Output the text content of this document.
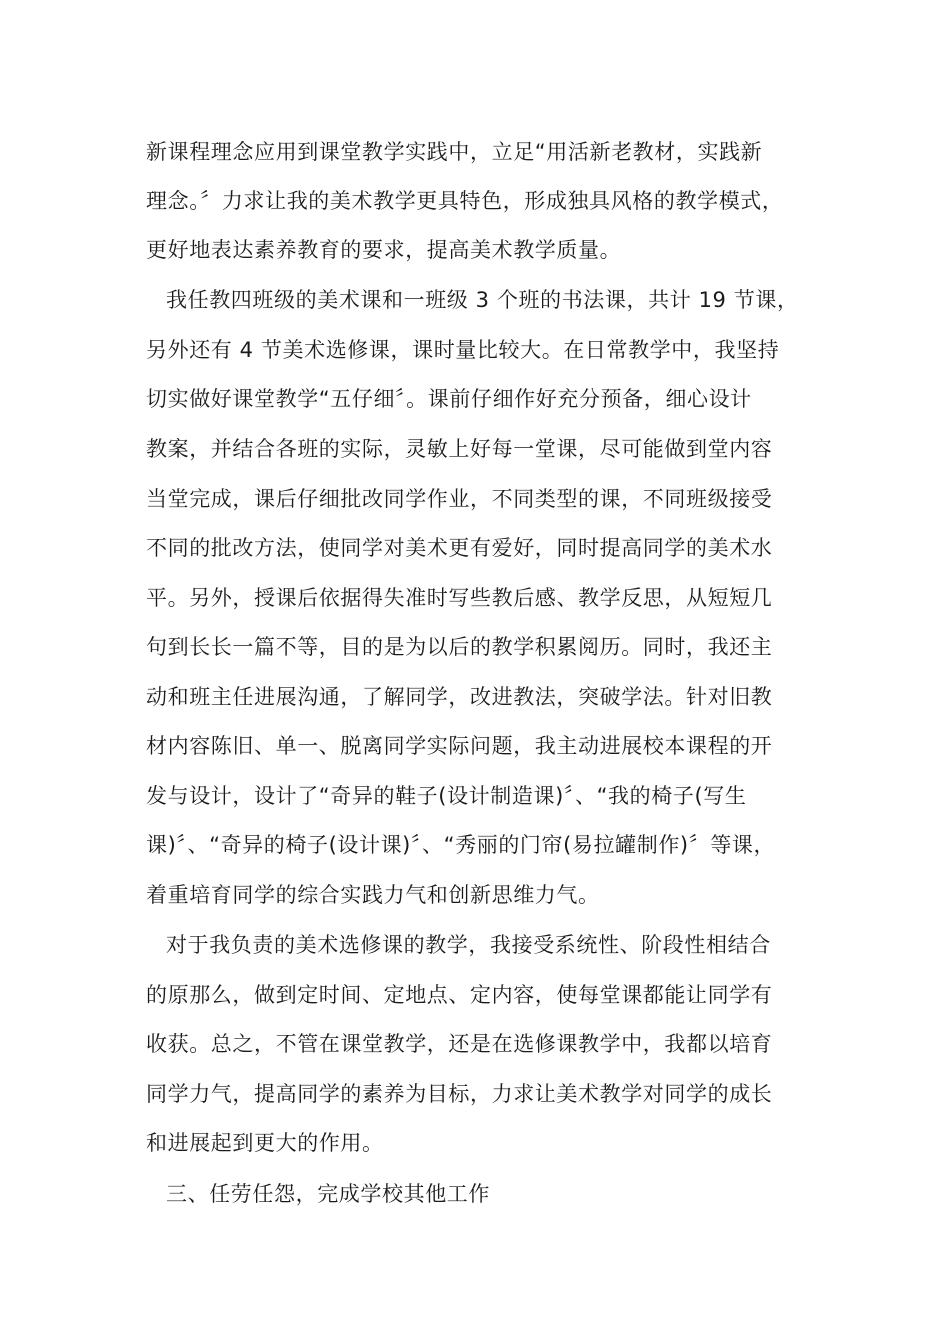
新课程理念应用到课堂教学实践中，立足“用活新老教材，实践新
理念。〞力求让我的美术教学更具特色，形成独具风格的教学模式，
更好地表达素养教育的要求，提高美术教学质量。
我任教四班级的美术课和一班级 3 个班的书法课，共计 19 节课，
另外还有 4 节美术选修课，课时量比较大。在日常教学中，我坚持
切实做好课堂教学“五仔细〞。课前仔细作好充分预备，细心设计
教案，并结合各班的实际，灵敏上好每一堂课，尽可能做到堂内容
当堂完成，课后仔细批改同学作业，不同类型的课，不同班级接受
不同的批改方法，使同学对美术更有爱好，同时提高同学的美术水
平。另外，授课后依据得失准时写些教后感、教学反思，从短短几
句到长长一篇不等，目的是为以后的教学积累阅历。同时，我还主
动和班主任进展沟通，了解同学，改进教法，突破学法。针对旧教
材内容陈旧、单一、脱离同学实际问题，我主动进展校本课程的开
发与设计，设计了“奇异的鞋子(设计制造课)〞、“我的椅子(写生
课)〞、“奇异的椅子(设计课)〞、“秀丽的门帘(易拉罐制作)〞等课，
着重培育同学的综合实践力气和创新思维力气。
对于我负责的美术选修课的教学，我接受系统性、阶段性相结合
的原那么，做到定时间、定地点、定内容，使每堂课都能让同学有
收获。总之，不管在课堂教学，还是在选修课教学中，我都以培育
同学力气，提高同学的素养为目标，力求让美术教学对同学的成长
和进展起到更大的作用。
三、任劳任怨，完成学校其他工作
